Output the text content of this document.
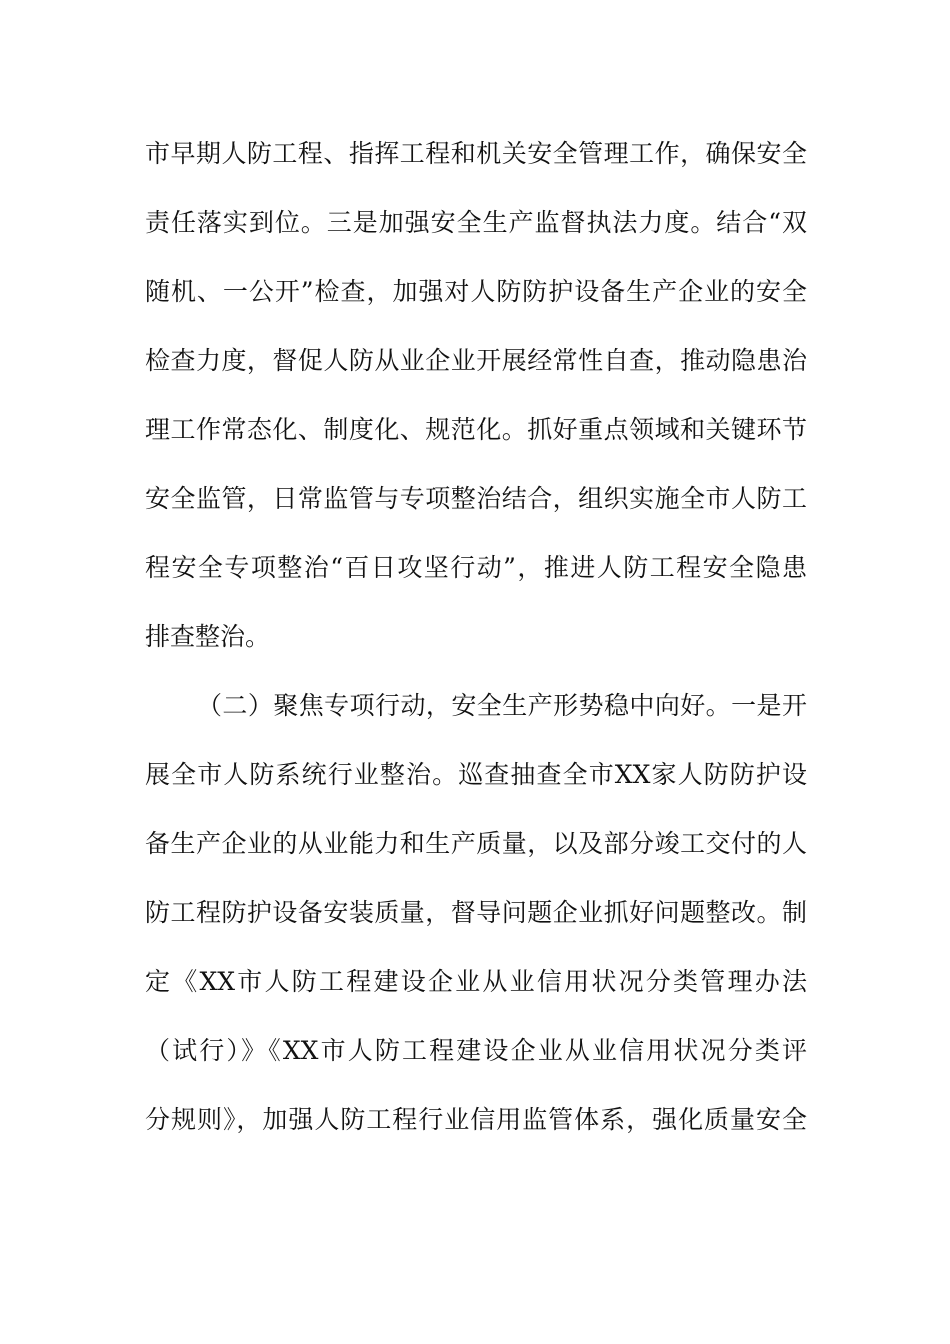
市早期人防工程、指挥工程和机关安全管理工作，确保安全
责任落实到位。三是加强安全生产监督执法力度。结合“双
随机、一公开”检查，加强对人防防护设备生产企业的安全
检查力度，督促人防从业企业开展经常性自查，推动隐患治
理工作常态化、制度化、规范化。抓好重点领域和关键环节
安全监管，日常监管与专项整治结合，组织实施全市人防工
程安全专项整治“百日攻坚行动”，推进人防工程安全隐患
排查整治。
（二）聚焦专项行动，安全生产形势稳中向好。一是开
展全市人防系统行业整治。巡查抽查全市XX家人防防护设
备生产企业的从业能力和生产质量，以及部分竣工交付的人
防工程防护设备安装质量，督导问题企业抓好问题整改。制
定《XX市人防工程建设企业从业信用状况分类管理办法
（试行）》《XX市人防工程建设企业从业信用状况分类评
分规则》，加强人防工程行业信用监管体系，强化质量安全
